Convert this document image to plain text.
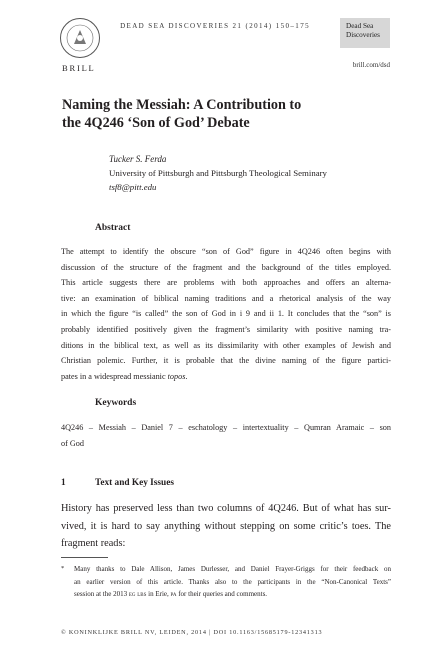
BRILL
DEAD SEA DISCOVERIES 21 (2014) 150–175	Dead Sea
Discoveries
brill.com/dsd
Naming the Messiah: A Contribution to
the 4Q246 ‘Son of God’ Debate
Tucker S. Ferda
University of Pittsburgh and Pittsburgh Theological Seminary
tsf8@pitt.edu
Abstract
The attempt to identify the obscure “son of God” figure in 4Q246 often begins with
discussion of the structure of the fragment and the background of the titles employed.
This article suggests there are problems with both approaches and offers an alterna-
tive: an examination of biblical naming traditions and a rhetorical analysis of the way
in which the figure “is called” the son of God in i 9 and ii 1. It concludes that the “son” is
probably identified positively given the fragment’s similarity with positive naming tra-
ditions in the biblical text, as well as its dissimilarity with other examples of Jewish and
Christian polemic. Further, it is probable that the divine naming of the figure partici-
pates in a widespread messianic topos.
Keywords
4Q246 – Messiah – Daniel 7 – eschatology – intertextuality – Qumran Aramaic – son
of God
1	Text and Key Issues
History has preserved less than two columns of 4Q246. But of what has sur-
vived, it is hard to say anything without stepping on some critic’s toes. The
fragment reads:
* Many thanks to Dale Allison, James Durlesser, and Daniel Frayer-Griggs for their feedback on
an earlier version of this article. Thanks also to the participants in the “Non-Canonical Texts”
session at the 2013 eg lbs in Erie, pa for their queries and comments.
© KONINKLIJKE BRILL NV, LEIDEN, 2014 | DOI 10.1163/15685179-12341313
